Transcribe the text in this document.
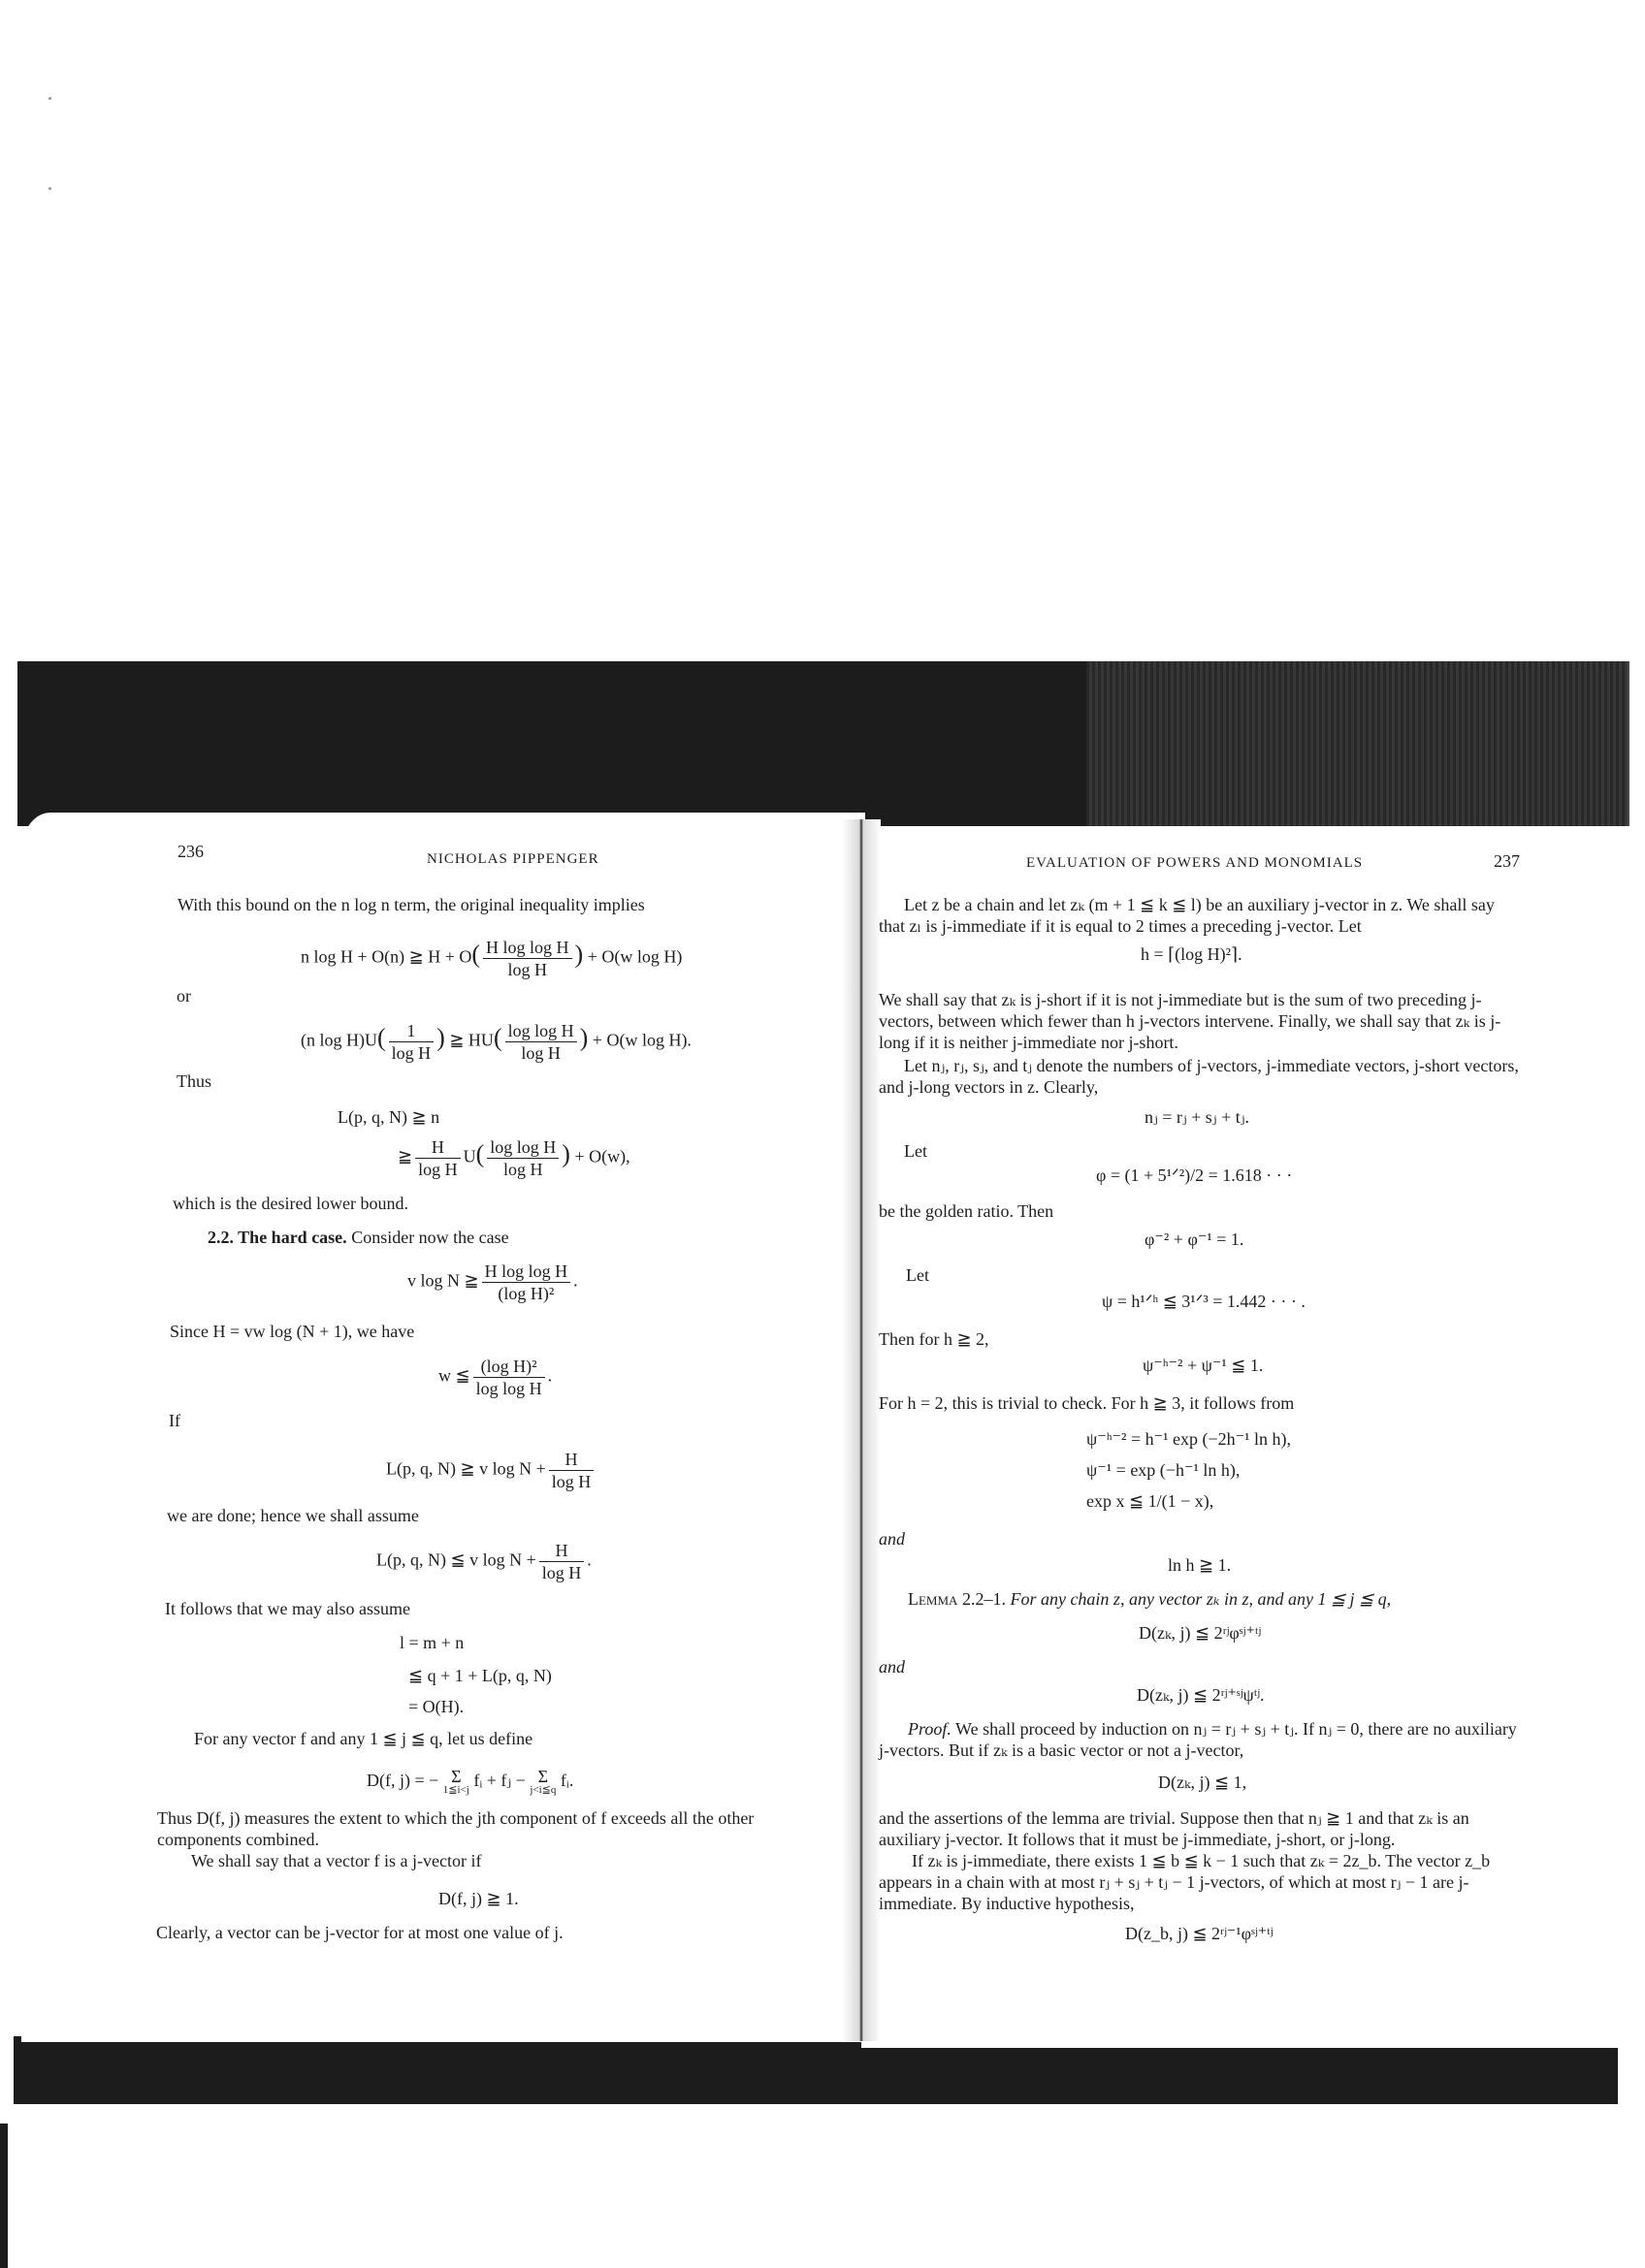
236	NICHOLAS PIPPENGER
With this bound on the n log n term, the original inequality implies
n log H + O(n) ≧ $H + O( \frac{\text{H log log H}}{\text{log H}}$ ) + O(w log H)
or
(n $\log H)U( \frac{1}{\text{log H}}$ ) ≧ $HU( \frac{\text{log log H}}{\text{log H}}$ ) + O(w log H).
Thus
L(p, q, N) ≧ n
≧ $\frac{H}{\text{log H}} U( \frac{\text{log log H}}{\text{log H}}$ ) + O(w),
which is the desired lower bound.
2.2. The hard case. Consider now the case
v log N ≧ $\frac{\text{H log log H}}{\text{(log H)²}}$ .
Since H = vw log (N + 1), we have
w ≦ $\frac{\text{(log H)²}}{\text{log log H}}$ .
If
L(p, q, N) ≧ v $\log N + \frac{H}{\text{log H}}$
we are done; hence we shall assume
L(p, q, N) ≦ v $\log N + \frac{H}{\text{log H}}$ .
It follows that we may also assume
l = m + n
≦ q + 1 + L(p, q, N)
= O(H).
For any vector f and any 1 ≦ j ≦ q, let us define
D(f, j) = − Σ
1≦i<j fᵢ + fⱼ − Σ
j<i≦q fᵢ.
Thus D(f, j) measures the extent to which the jth component of f exceeds all the other components combined.
We shall say that a vector f is a j-vector if
D(f, j) ≧ 1.
Clearly, a vector can be j-vector for at most one value of j.
EVALUATION OF POWERS AND MONOMIALS	237
Let z be a chain and let zₖ (m + 1 ≦ k ≦ l) be an auxiliary j-vector in z. We shall say that zₗ is j-immediate if it is equal to 2 times a preceding j-vector. Let
h = ⌈(log H)²⌉.
We shall say that zₖ is j-short if it is not j-immediate but is the sum of two preceding j-vectors, between which fewer than h j-vectors intervene. Finally, we shall say that zₖ is j-long if it is neither j-immediate nor j-short.
Let nⱼ, rⱼ, sⱼ, and tⱼ denote the numbers of j-vectors, j-immediate vectors, j-short vectors, and j-long vectors in z. Clearly,
nⱼ = rⱼ + sⱼ + tⱼ.
Let
φ = (1 + 5¹ᐟ²)/2 = 1.618 · · ·
be the golden ratio. Then
φ⁻² + φ⁻¹ = 1.
Let
ψ = h¹ᐟʰ ≦ 3¹ᐟ³ = 1.442 · · · .
Then for h ≧ 2,
ψ⁻ʰ⁻² + ψ⁻¹ ≦ 1.
For h = 2, this is trivial to check. For h ≧ 3, it follows from
ψ⁻ʰ⁻² = h⁻¹ exp (−2h⁻¹ ln h),
ψ⁻¹ = exp (−h⁻¹ ln h),
exp x ≦ 1/(1 − x),
and
ln h ≧ 1.
Lemma 2.2–1. For any chain z, any vector zₖ in z, and any 1 ≦ j ≦ q,
D(zₖ, j) ≦ 2ʳʲφˢʲ⁺ᵗʲ
and
D(zₖ, j) ≦ 2ʳʲ⁺ˢʲψᵗʲ.
Proof. We shall proceed by induction on nⱼ = rⱼ + sⱼ + tⱼ. If nⱼ = 0, there are no auxiliary j-vectors. But if zₖ is a basic vector or not a j-vector,
D(zₖ, j) ≦ 1,
and the assertions of the lemma are trivial. Suppose then that nⱼ ≧ 1 and that zₖ is an auxiliary j-vector. It follows that it must be j-immediate, j-short, or j-long.
If zₖ is j-immediate, there exists 1 ≦ b ≦ k − 1 such that zₖ = 2z_b. The vector z_b appears in a chain with at most rⱼ + sⱼ + tⱼ − 1 j-vectors, of which at most rⱼ − 1 are j-immediate. By inductive hypothesis,
D(z_b, j) ≦ 2ʳʲ⁻¹φˢʲ⁺ᵗʲ
